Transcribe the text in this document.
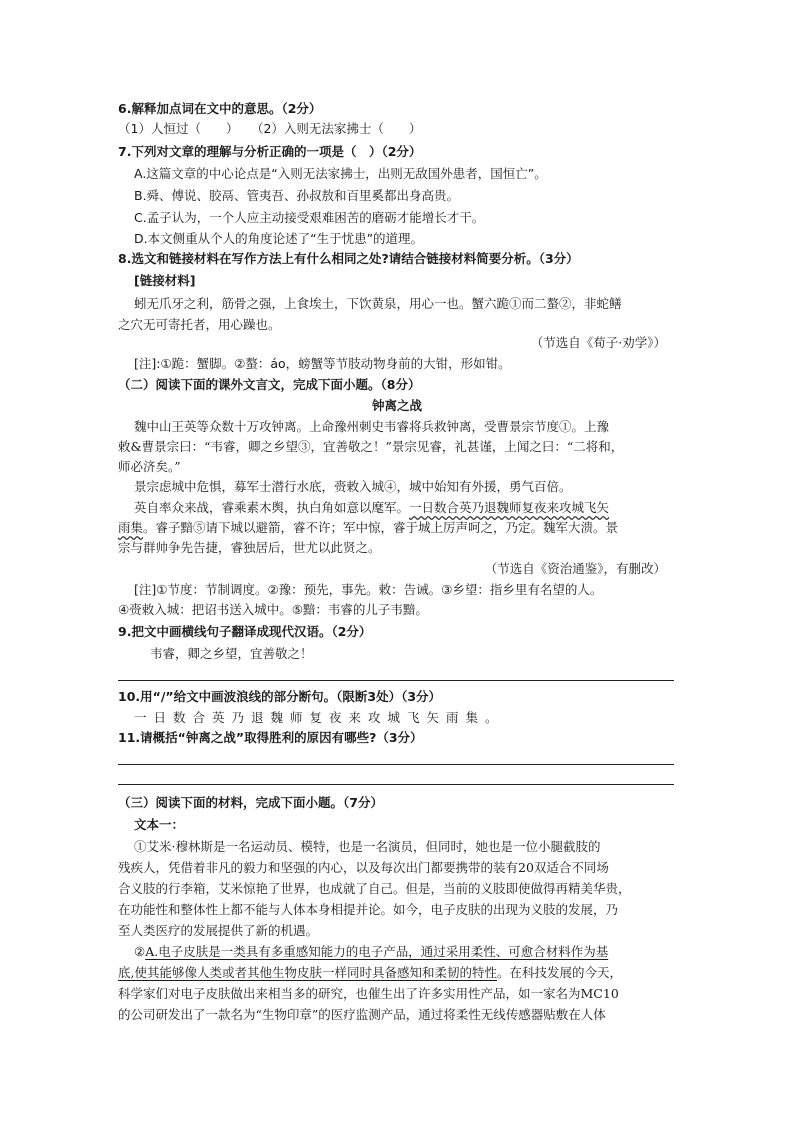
6.解释加点词在文中的意思。（2分）
（1）人恒过（　　）　　（2）入则无法家拂士（　　）
7.下列对文章的理解与分析正确的一项是（　）（2分）
A.这篇文章的中心论点是“入则无法家拂士，出则无敌国外患者，国恒亡”。
B.舜、傅说、胶鬲、管夷吾、孙叔敖和百里奚都出身高贵。
C.孟子认为，一个人应主动接受艰难困苦的磨砺才能增长才干。
D.本文侧重从个人的角度论述了“生于忧患”的道理。
8.选文和链接材料在写作方法上有什么相同之处?请结合链接材料简要分析。（3分）
[链接材料]
蚓无爪牙之利，筋骨之强，上食埃土，下饮黄泉，用心一也。蟹六跪①而二螯②，非蛇鳝
之穴无可寄托者，用心躁也。
（节选自《荀子·劝学》）
[注]:①跪：蟹脚。②螯：áo，螃蟹等节肢动物身前的大钳，形如钳。
（二）阅读下面的课外文言文，完成下面小题。（8分）
钟离之战
魏中山王英等众数十万攻钟离。上命豫州刺史韦睿将兵救钟离，受曹景宗节度①。上豫
敕&曹景宗曰：“韦睿，卿之乡望③，宜善敬之！”景宗见睿，礼甚谨，上闻之曰：“二将和，
师必济矣。”
景宗虑城中危惧，募军士潜行水底，赍敕入城④，城中始知有外援，勇气百倍。
英自率众来战，睿乘素木舆，执白角如意以麾军。一日数合英乃退魏师复夜来攻城飞矢
雨集。睿子黯⑤请下城以避箭，睿不许；军中惊，睿于城上厉声呵之，乃定。魏军大溃。景
宗与群帅争先告捷，睿独居后，世尤以此贤之。
（节选自《资治通鉴》，有删改）
[注]①节度：节制调度。②豫：预先，事先。敕：告诫。③乡望：指乡里有名望的人。
④赍敕入城：把诏书送入城中。⑤黯：韦睿的儿子韦黯。
9.把文中画横线句子翻译成现代汉语。（2分）
韦睿，卿之乡望，宜善敬之！
10.用“/”给文中画波浪线的部分断句。（限断3处）（3分）
一日数合英乃退魏师复夜来攻城飞矢雨集。
11.请概括“钟离之战”取得胜利的原因有哪些?（3分）
（三）阅读下面的材料，完成下面小题。（7分）
文本一：
①艾米·穆林斯是一名运动员、模特，也是一名演员，但同时，她也是一位小腿截肢的
残疾人，凭借着非凡的毅力和坚强的内心，以及每次出门都要携带的装有20双适合不同场
合义肢的行李箱，艾米惊艳了世界，也成就了自己。但是，当前的义肢即使做得再精美华贵，
在功能性和整体性上都不能与人体本身相提并论。如今，电子皮肤的出现为义肢的发展，乃
至人类医疗的发展提供了新的机遇。
②A.电子皮肤是一类具有多重感知能力的电子产品，通过采用柔性、可愈合材料作为基
底,使其能够像人类或者其他生物皮肤一样同时具备感知和柔韧的特性。在科技发展的今天，
科学家们对电子皮肤做出来相当多的研究，也催生出了许多实用性产品，如一家名为MC10
的公司研发出了一款名为“生物印章”的医疗监测产品，通过将柔性无线传感器贴敷在人体
